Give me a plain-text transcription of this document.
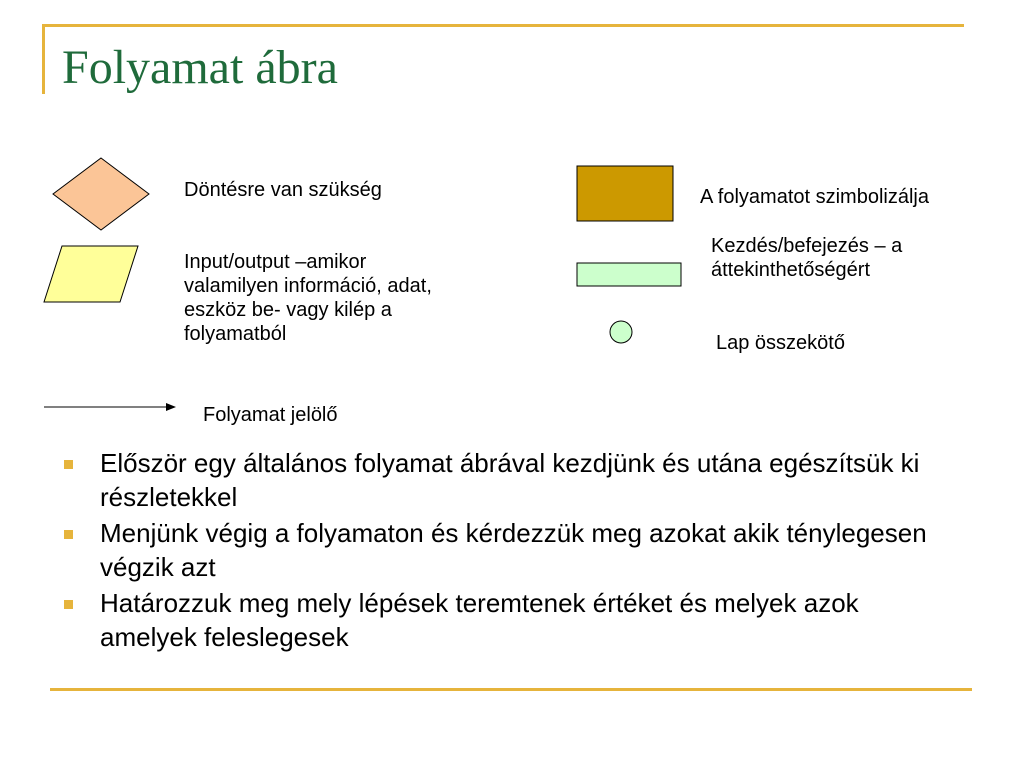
Folyamat ábra
Döntésre van szükség
Input/output –amikor
valamilyen információ, adat,
eszköz be- vagy kilép a
folyamatból
Folyamat jelölő
A folyamatot szimbolizálja
Kezdés/befejezés – a
áttekinthetőségért
Lap összekötő
Először egy általános folyamat ábrával kezdjünk és utána egészítsük ki részletekkel
Menjünk végig a folyamaton és kérdezzük meg azokat akik ténylegesen végzik azt
Határozzuk meg mely lépések teremtenek értéket és melyek azok amelyek feleslegesek
